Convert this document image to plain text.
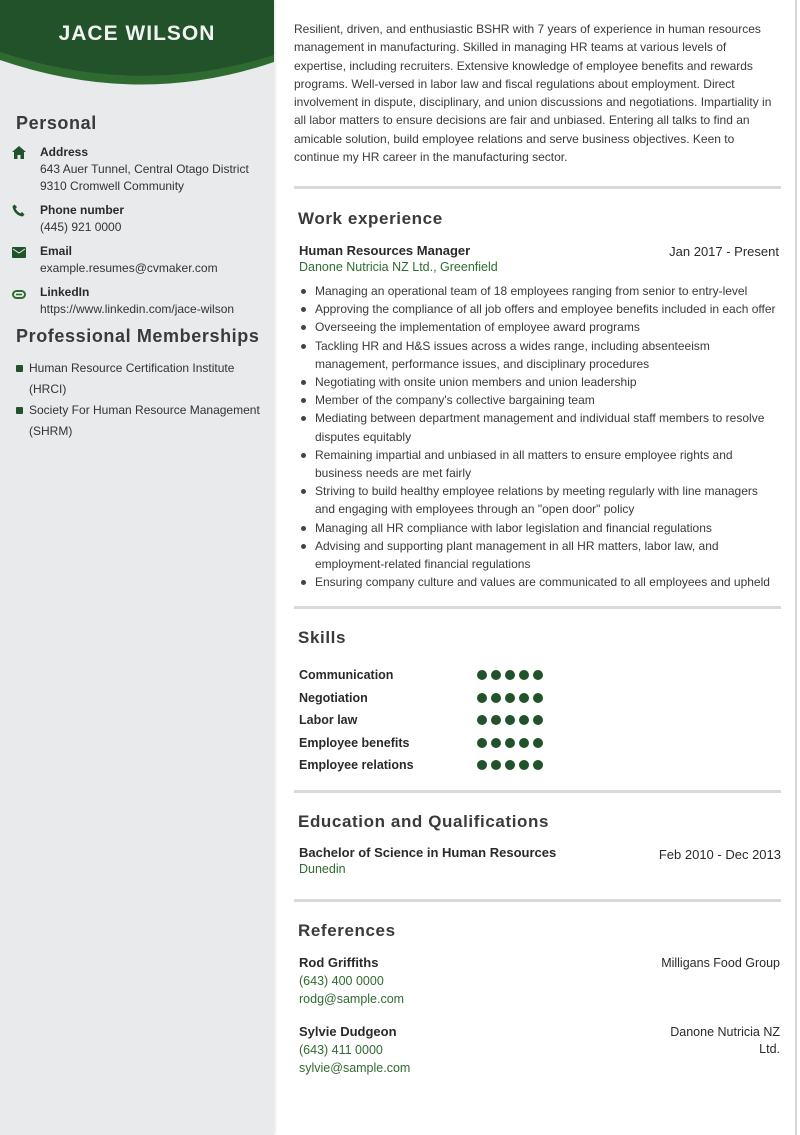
JACE WILSON
Personal
Address
643 Auer Tunnel, Central Otago District
9310 Cromwell Community
Phone number
(445) 921 0000
Email
example.resumes@cvmaker.com
LinkedIn
https://www.linkedin.com/jace-wilson
Professional Memberships
Human Resource Certification Institute (HRCI)
Society For Human Resource Management (SHRM)

Resilient, driven, and enthusiastic BSHR with 7 years of experience in human resources management in manufacturing. Skilled in managing HR teams at various levels of expertise, including recruiters. Extensive knowledge of employee benefits and rewards programs. Well-versed in labor law and fiscal regulations about employment. Direct involvement in dispute, disciplinary, and union discussions and negotiations. Impartiality in all labor matters to ensure decisions are fair and unbiased. Entering all talks to find an amicable solution, build employee relations and serve business objectives. Keen to continue my HR career in the manufacturing sector.

Work experience
Human Resources Manager	Jan 2017 - Present
Danone Nutricia NZ Ltd., Greenfield
Managing an operational team of 18 employees ranging from senior to entry-level
Approving the compliance of all job offers and employee benefits included in each offer
Overseeing the implementation of employee award programs
Tackling HR and H&S issues across a wides range, including absenteeism management, performance issues, and disciplinary procedures
Negotiating with onsite union members and union leadership
Member of the company's collective bargaining team
Mediating between department management and individual staff members to resolve disputes equitably
Remaining impartial and unbiased in all matters to ensure employee rights and business needs are met fairly
Striving to build healthy employee relations by meeting regularly with line managers and engaging with employees through an "open door" policy
Managing all HR compliance with labor legislation and financial regulations
Advising and supporting plant management in all HR matters, labor law, and employment-related financial regulations
Ensuring company culture and values are communicated to all employees and upheld
Skills
Communication
Negotiation
Labor law
Employee benefits
Employee relations
Education and Qualifications
Bachelor of Science in Human Resources	Feb 2010 - Dec 2013
Dunedin
References
Rod Griffiths
(643) 400 0000
rodg@sample.com
Milligans Food Group
Sylvie Dudgeon
(643) 411 0000
sylvie@sample.com
Danone Nutricia NZ Ltd.
